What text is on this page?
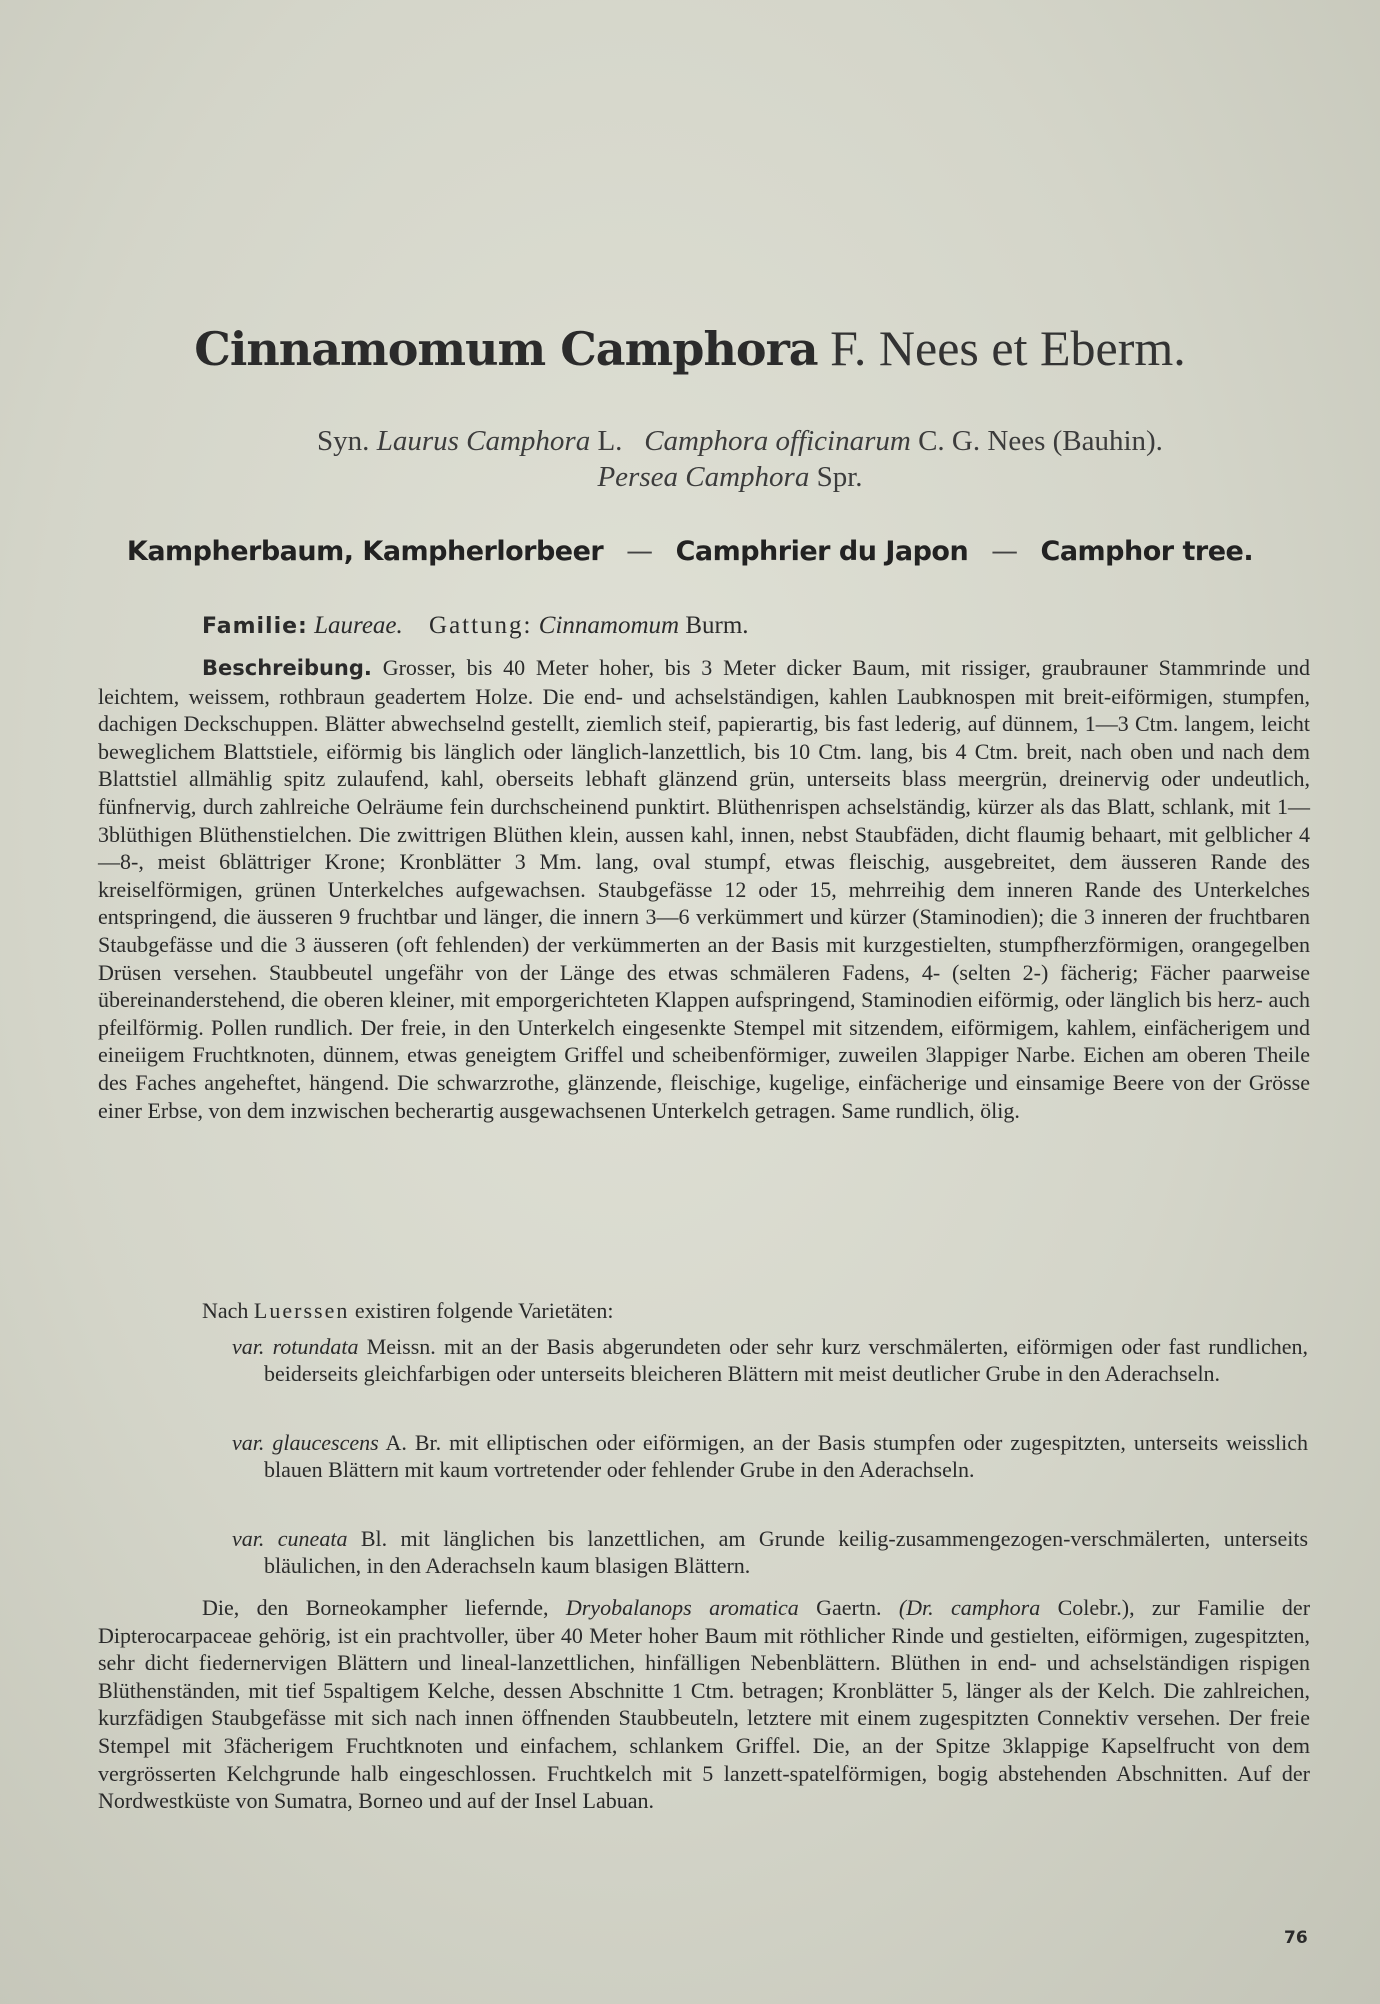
Cinnamomum Camphora F. Nees et Eberm.
Syn. Laurus Camphora L. Camphora officinarum C. G. Nees (Bauhin).
Persea Camphora Spr.
Kampherbaum, Kampherlorbeer — Camphrier du Japon — Camphor tree.
Familie: Laureae. Gattung: Cinnamomum Burm.
Beschreibung. Grosser, bis 40 Meter hoher, bis 3 Meter dicker Baum, mit rissiger, graubrauner Stammrinde und leichtem, weissem, rothbraun geadertem Holze. Die end- und achselständigen, kahlen Laubknospen mit breit-eiförmigen, stumpfen, dachigen Deckschuppen. Blätter abwechselnd gestellt, ziemlich steif, papierartig, bis fast lederig, auf dünnem, 1—3 Ctm. langem, leicht beweglichem Blattstiele, eiförmig bis länglich oder länglich-lanzettlich, bis 10 Ctm. lang, bis 4 Ctm. breit, nach oben und nach dem Blattstiel allmählig spitz zulaufend, kahl, oberseits lebhaft glänzend grün, unterseits blass meergrün, dreinervig oder undeutlich, fünfnervig, durch zahlreiche Oelräume fein durchscheinend punktirt. Blüthenrispen achselständig, kürzer als das Blatt, schlank, mit 1—3blüthigen Blüthenstielchen. Die zwittrigen Blüthen klein, aussen kahl, innen, nebst Staubfäden, dicht flaumig behaart, mit gelblicher 4—8-, meist 6blättriger Krone; Kronblätter 3 Mm. lang, oval stumpf, etwas fleischig, ausgebreitet, dem äusseren Rande des kreiselförmigen, grünen Unterkelches aufgewachsen. Staubgefässe 12 oder 15, mehrreihig dem inneren Rande des Unterkelches entspringend, die äusseren 9 fruchtbar und länger, die innern 3—6 verkümmert und kürzer (Staminodien); die 3 inneren der fruchtbaren Staubgefässe und die 3 äusseren (oft fehlenden) der verkümmerten an der Basis mit kurzgestielten, stumpfherzförmigen, orangegelben Drüsen versehen. Staubbeutel ungefähr von der Länge des etwas schmäleren Fadens, 4- (selten 2-) fächerig; Fächer paarweise übereinanderstehend, die oberen kleiner, mit emporgerichteten Klappen aufspringend, Staminodien eiförmig, oder länglich bis herz- auch pfeilförmig. Pollen rundlich. Der freie, in den Unterkelch eingesenkte Stempel mit sitzendem, eiförmigem, kahlem, einfächerigem und eineiigem Fruchtknoten, dünnem, etwas geneigtem Griffel und scheibenförmiger, zuweilen 3lappiger Narbe. Eichen am oberen Theile des Faches angeheftet, hängend. Die schwarzrothe, glänzende, fleischige, kugelige, einfächerige und einsamige Beere von der Grösse einer Erbse, von dem inzwischen becherartig ausgewachsenen Unterkelch getragen. Same rundlich, ölig.
Nach Luerssen existiren folgende Varietäten:
var. rotundata Meissn. mit an der Basis abgerundeten oder sehr kurz verschmälerten, eiförmigen oder fast rundlichen, beiderseits gleichfarbigen oder unterseits bleicheren Blättern mit meist deutlicher Grube in den Aderachseln.
var. glaucescens A. Br. mit elliptischen oder eiförmigen, an der Basis stumpfen oder zugespitzten, unterseits weisslich blauen Blättern mit kaum vortretender oder fehlender Grube in den Aderachseln.
var. cuneata Bl. mit länglichen bis lanzettlichen, am Grunde keilig-zusammengezogen-verschmälerten, unterseits bläulichen, in den Aderachseln kaum blasigen Blättern.
Die, den Borneokampher liefernde, Dryobalanops aromatica Gaertn. (Dr. camphora Colebr.), zur Familie der Dipterocarpaceae gehörig, ist ein prachtvoller, über 40 Meter hoher Baum mit röthlicher Rinde und gestielten, eiförmigen, zugespitzten, sehr dicht fiedernervigen Blättern und lineal-lanzettlichen, hinfälligen Nebenblättern. Blüthen in end- und achselständigen rispigen Blüthenständen, mit tief 5spaltigem Kelche, dessen Abschnitte 1 Ctm. betragen; Kronblätter 5, länger als der Kelch. Die zahlreichen, kurzfädigen Staubgefässe mit sich nach innen öffnenden Staubbeuteln, letztere mit einem zugespitzten Connektiv versehen. Der freie Stempel mit 3fächerigem Fruchtknoten und einfachem, schlankem Griffel. Die, an der Spitze 3klappige Kapselfrucht von dem vergrösserten Kelchgrunde halb eingeschlossen. Fruchtkelch mit 5 lanzett-spatelförmigen, bogig abstehenden Abschnitten. Auf der Nordwestküste von Sumatra, Borneo und auf der Insel Labuan.
76
